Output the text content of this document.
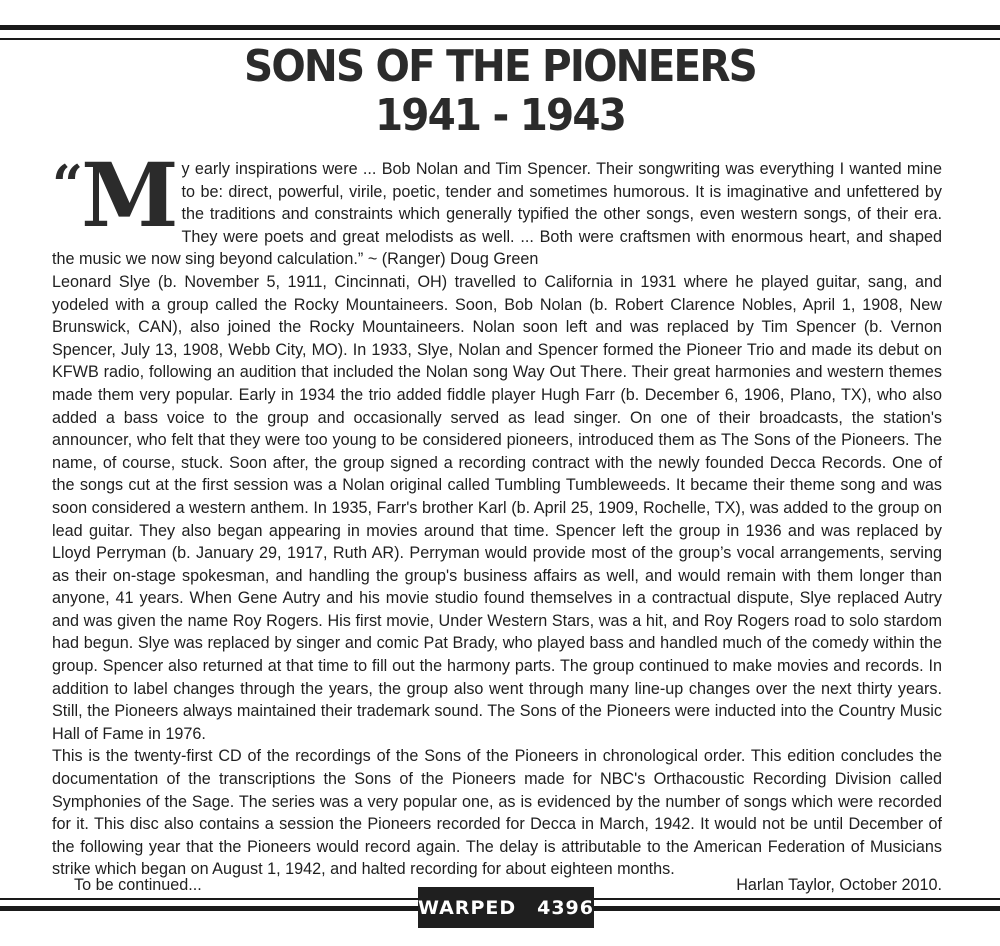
SONS OF THE PIONEERS
1941 - 1943

“ M y early inspirations were ... Bob Nolan and Tim Spencer. Their songwriting was everything I wanted mine to be: direct, powerful, virile, poetic, tender and sometimes humorous. It is imaginative and unfettered by the traditions and constraints which generally typified the other songs, even western songs, of their era. They were poets and great melodists as well. ... Both were craftsmen with enormous heart, and shaped the music we now sing beyond calculation.” ~ (Ranger) Doug Green

Leonard Slye (b. November 5, 1911, Cincinnati, OH) travelled to California in 1931 where he played guitar, sang, and yodeled with a group called the Rocky Mountaineers. Soon, Bob Nolan (b. Robert Clarence Nobles, April 1, 1908, New Brunswick, CAN), also joined the Rocky Mountaineers. Nolan soon left and was replaced by Tim Spencer (b. Vernon Spencer, July 13, 1908, Webb City, MO). In 1933, Slye, Nolan and Spencer formed the Pioneer Trio and made its debut on KFWB radio, following an audition that included the Nolan song Way Out There. Their great harmonies and western themes made them very popular. Early in 1934 the trio added fiddle player Hugh Farr (b. December 6, 1906, Plano, TX), who also added a bass voice to the group and occasionally served as lead singer. On one of their broadcasts, the station's announcer, who felt that they were too young to be considered pioneers, introduced them as The Sons of the Pioneers. The name, of course, stuck. Soon after, the group signed a recording contract with the newly founded Decca Records. One of the songs cut at the first session was a Nolan original called Tumbling Tumbleweeds. It became their theme song and was soon considered a western anthem. In 1935, Farr's brother Karl (b. April 25, 1909, Rochelle, TX), was added to the group on lead guitar. They also began appearing in movies around that time. Spencer left the group in 1936 and was replaced by Lloyd Perryman (b. January 29, 1917, Ruth AR). Perryman would provide most of the group’s vocal arrangements, serving as their on-stage spokesman, and handling the group's business affairs as well, and would remain with them longer than anyone, 41 years. When Gene Autry and his movie studio found themselves in a contractual dispute, Slye replaced Autry and was given the name Roy Rogers. His first movie, Under Western Stars, was a hit, and Roy Rogers road to solo stardom had begun. Slye was replaced by singer and comic Pat Brady, who played bass and handled much of the comedy within the group. Spencer also returned at that time to fill out the harmony parts. The group continued to make movies and records. In addition to label changes through the years, the group also went through many line-up changes over the next thirty years. Still, the Pioneers always maintained their trademark sound. The Sons of the Pioneers were inducted into the Country Music Hall of Fame in 1976.

This is the twenty-first CD of the recordings of the Sons of the Pioneers in chronological order. This edition concludes the documentation of the transcriptions the Sons of the Pioneers made for NBC's Orthacoustic Recording Division called Symphonies of the Sage. The series was a very popular one, as is evidenced by the number of songs which were recorded for it. This disc also contains a session the Pioneers recorded for Decca in March, 1942. It would not be until December of the following year that the Pioneers would record again. The delay is attributable to the American Federation of Musicians strike which began on August 1, 1942, and halted recording for about eighteen months.

To be continued...	Harlan Taylor, October 2010.
WARPED 4396
